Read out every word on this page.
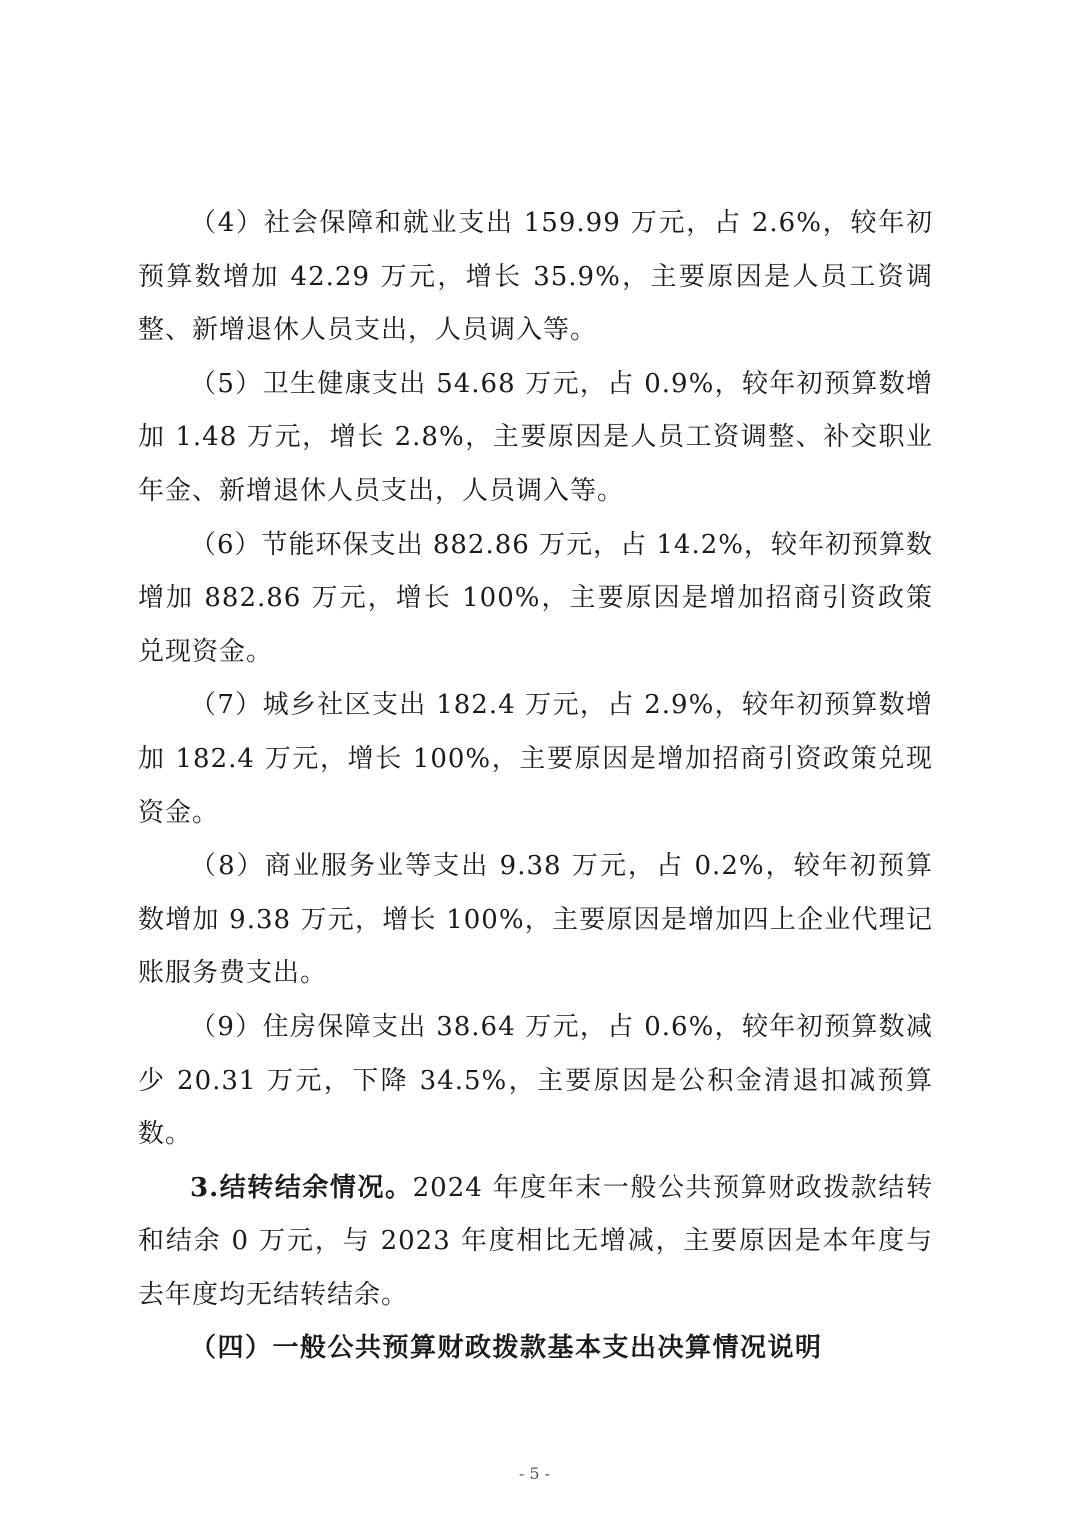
（4）社会保障和就业支出 159.99 万元，占 2.6%，较年初预算数增加 42.29 万元，增长 35.9%，主要原因是人员工资调整、新增退休人员支出，人员调入等。

（5）卫生健康支出 54.68 万元，占 0.9%，较年初预算数增加 1.48 万元，增长 2.8%，主要原因是人员工资调整、补交职业年金、新增退休人员支出，人员调入等。

（6）节能环保支出 882.86 万元，占 14.2%，较年初预算数增加 882.86 万元，增长 100%，主要原因是增加招商引资政策兑现资金。

（7）城乡社区支出 182.4 万元，占 2.9%，较年初预算数增加 182.4 万元，增长 100%，主要原因是增加招商引资政策兑现资金。

（8）商业服务业等支出 9.38 万元，占 0.2%，较年初预算数增加 9.38 万元，增长 100%，主要原因是增加四上企业代理记账服务费支出。

（9）住房保障支出 38.64 万元，占 0.6%，较年初预算数减少 20.31 万元，下降 34.5%，主要原因是公积金清退扣减预算数。

3.结转结余情况。2024 年度年末一般公共预算财政拨款结转和结余 0 万元，与 2023 年度相比无增减，主要原因是本年度与去年度均无结转结余。

（四）一般公共预算财政拨款基本支出决算情况说明

- 5 -
